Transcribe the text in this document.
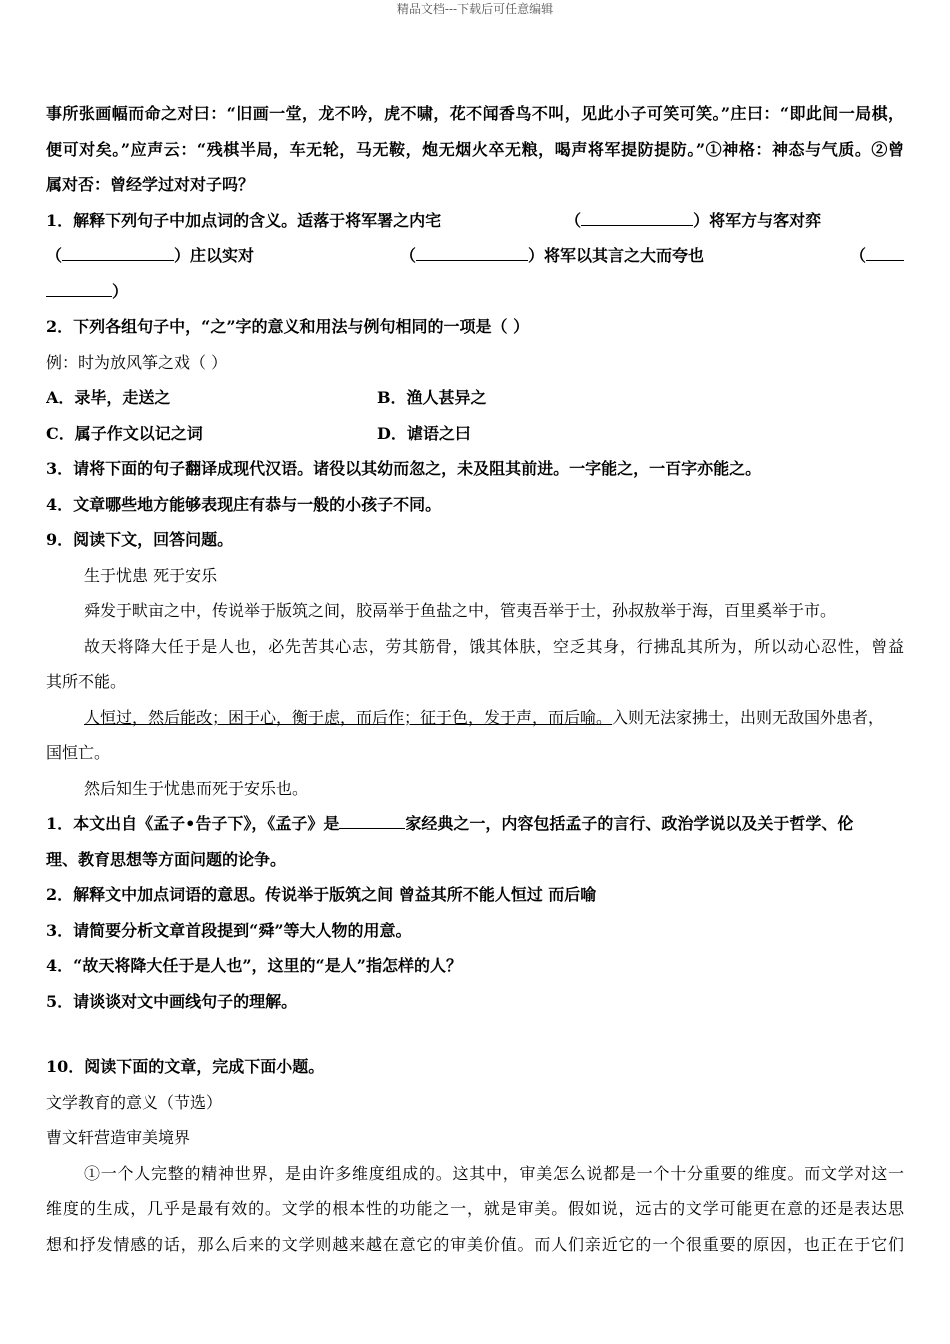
精品文档---下载后可任意编辑

事所张画幅而命之对曰：“旧画一堂，龙不吟，虎不啸，花不闻香鸟不叫，见此小子可笑可笑。”庄曰：“即此间一局棋，

便可对矣。”应声云：“残棋半局，车无轮，马无鞍，炮无烟火卒无粮，喝声将军提防提防。”①神格：神态与气质。②曾

属对否：曾经学过对对子吗？

1．解释下列句子中加点词的含义。适落于将军署之内宅	（	）将军方与客对弈

（	）庄以实对	（	）将军以其言之大而夸也	（

）

2．下列各组句子中，“之”字的意义和用法与例句相同的一项是（ ）

例：时为放风筝之戏（ ）

A．录毕，走送之	B．渔人甚异之

C．属子作文以记之词	D．谑语之曰

3．请将下面的句子翻译成现代汉语。诸役以其幼而忽之，未及阻其前进。一字能之，一百字亦能之。

4．文章哪些地方能够表现庄有恭与一般的小孩子不同。

9．阅读下文，回答问题。

生于忧患 死于安乐

舜发于畎亩之中，传说举于版筑之间，胶鬲举于鱼盐之中，管夷吾举于士，孙叔敖举于海，百里奚举于市。

故天将降大任于是人也，必先苦其心志，劳其筋骨，饿其体肤，空乏其身，行拂乱其所为，所以动心忍性，曾益

其所不能。

人恒过，然后能改；困于心，衡于虑，而后作；征于色，发于声，而后喻。入则无法家拂士，出则无敌国外患者，

国恒亡。

然后知生于忧患而死于安乐也。

1．本文出自《孟子•告子下》，《孟子》是	家经典之一，内容包括孟子的言行、政治学说以及关于哲学、伦

理、教育思想等方面问题的论争。

2．解释文中加点词语的意思。传说举于版筑之间 曾益其所不能人恒过 而后喻

3．请简要分析文章首段提到“舜”等大人物的用意。

4．“故天将降大任于是人也”，这里的“是人”指怎样的人？

5．请谈谈对文中画线句子的理解。

10．阅读下面的文章，完成下面小题。

文学教育的意义（节选）

曹文轩营造审美境界

①一个人完整的精神世界，是由许多维度组成的。这其中，审美怎么说都是一个十分重要的维度。而文学对这一

维度的生成，几乎是最有效的。文学的根本性的功能之一，就是审美。假如说，远古的文学可能更在意的还是表达思

想和抒发情感的话，那么后来的文学则越来越在意它的审美价值。而人们亲近它的一个很重要的原因，也正在于它们
